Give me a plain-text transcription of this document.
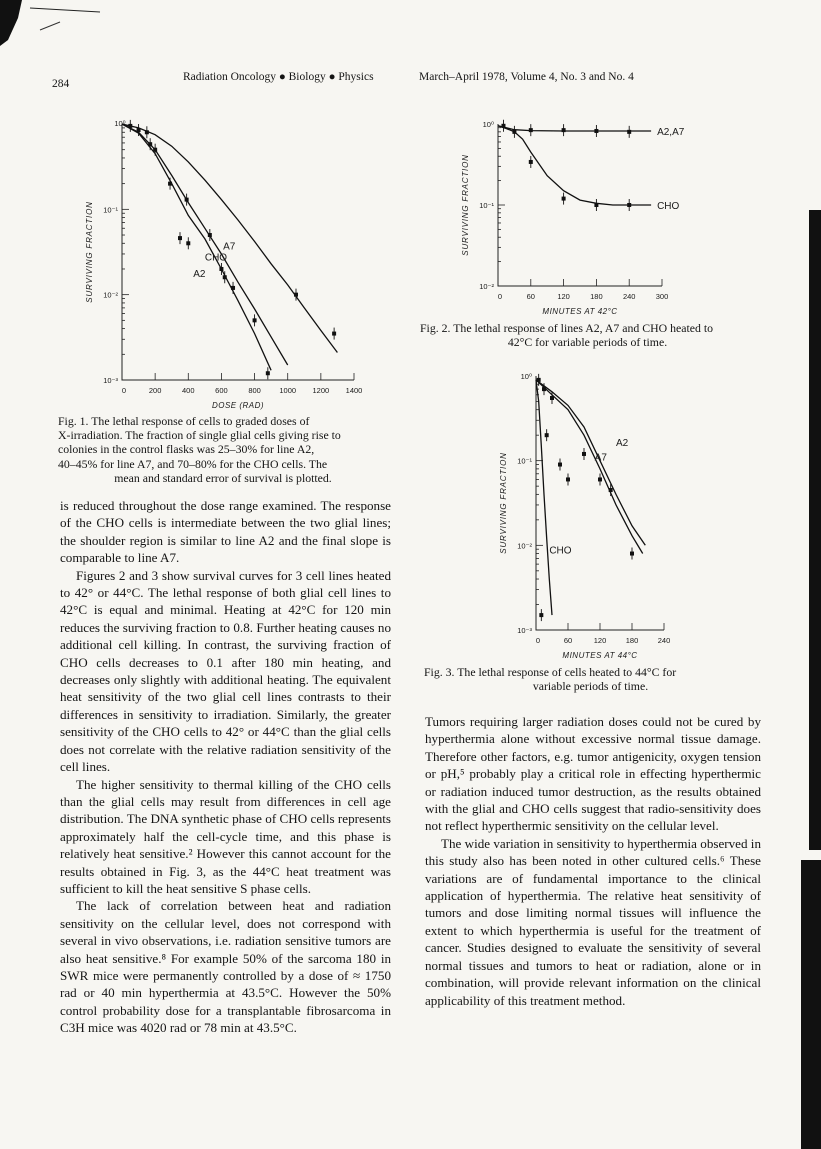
284
Radiation Oncology ● Biology ● Physics	March–April 1978, Volume 4, No. 3 and No. 4
200	400	600	800 1000 1200 1400
0
10⁻¹
10⁻²
10⁻³
10⁰
DOSE (RAD)
SURVIVING FRACTION	A7
CHO
A2
Fig. 1. The lethal response of cells to graded doses of
X-irradiation. The fraction of single glial cells giving rise to
colonies in the control flasks was 25–30% for line A2,
40–45% for line A7, and 70–80% for the CHO cells. The
mean and standard error of survival is plotted.
60	120	180	240	300
0
10⁰
10⁻¹
10⁻²
MINUTES AT 42°C
SURVIVING FRACTION
A2,A7
CHO
Fig. 2. The lethal response of lines A2, A7 and CHO heated to
42°C for variable periods of time.
60	120	180	240
0
10⁰
10⁻¹
10⁻²
10⁻³
MINUTES AT 44°C
SURVIVING FRACTION
A2
A7
CHO
Fig. 3. The lethal response of cells heated to 44°C for
variable periods of time.

is reduced throughout the dose range examined. The response of the CHO cells is intermediate between the two glial lines; the shoulder region is similar to line A2 and the final slope is comparable to line A7.

Figures 2 and 3 show survival curves for 3 cell lines heated to 42° or 44°C. The lethal response of both glial cell lines to 42°C is equal and minimal. Heating at 42°C for 120 min reduces the surviving fraction to 0.8. Further heating causes no additional cell killing. In contrast, the surviving fraction of CHO cells decreases to 0.1 after 180 min heating, and decreases only slightly with additional heating. The equivalent heat sensitivity of the two glial cell lines contrasts to their differences in sensitivity to irradiation. Similarly, the greater sensitivity of the CHO cells to 42° or 44°C than the glial cells does not correlate with the relative radiation sensitivity of the cell lines.

The higher sensitivity to thermal killing of the CHO cells than the glial cells may result from differences in cell age distribution. The DNA synthetic phase of CHO cells represents approximately half the cell-cycle time, and this phase is relatively heat sensitive.² However this cannot account for the results obtained in Fig. 3, as the 44°C heat treatment was sufficient to kill the heat sensitive S phase cells.

The lack of correlation between heat and radiation sensitivity on the cellular level, does not correspond with several in vivo observations, i.e. radiation sensitive tumors are also heat sensitive.⁸ For example 50% of the sarcoma 180 in SWR mice were permanently controlled by a dose of ≈ 1750 rad or 40 min hyperthermia at 43.5°C. However the 50% control probability dose for a transplantable fibrosarcoma in C3H mice was 4020 rad or 78 min at 43.5°C.

Tumors requiring larger radiation doses could not be cured by hyperthermia alone without excessive normal tissue damage. Therefore other factors, e.g. tumor antigenicity, oxygen tension or pH,⁵ probably play a critical role in effecting hyperthermic or radiation induced tumor destruction, as the results obtained with the glial and CHO cells suggest that radio-sensitivity does not reflect hyperthermic sensitivity on the cellular level.

The wide variation in sensitivity to hyperthermia observed in this study also has been noted in other cultured cells.⁶ These variations are of fundamental importance to the clinical application of hyperthermia. The relative heat sensitivity of tumors and dose limiting normal tissues will influence the extent to which hyperthermia is useful for the treatment of cancer. Studies designed to evaluate the sensitivity of several normal tissues and tumors to heat or radiation, alone or in combination, will provide relevant information on the clinical applicability of this treatment method.
